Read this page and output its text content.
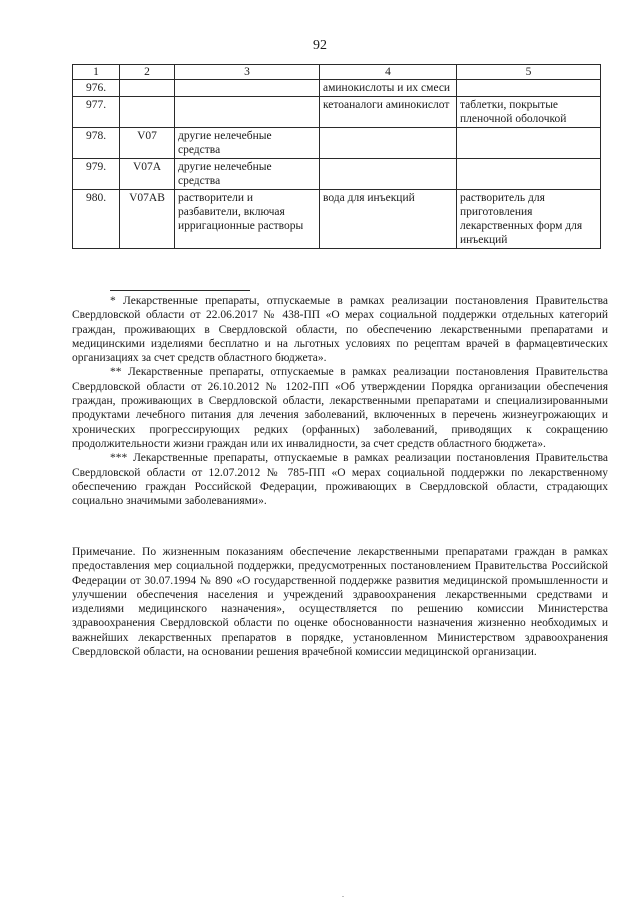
92
1	2	3	4	5
976.			аминокислоты и их смеси	
977.			кетоаналоги аминокислот	таблетки, покрытые пленочной оболочкой
978.	V07	другие нелечебные средства		
979.	V07A	другие нелечебные средства		
980.	V07AB	растворители и разбавители, включая ирригационные растворы	вода для инъекций	растворитель для приготовления лекарственных форм для инъекций

* Лекарственные препараты, отпускаемые в рамках реализации постановления Правительства Свердловской области от 22.06.2017 № 438-ПП «О мерах социальной поддержки отдельных категорий граждан, проживающих в Свердловской области, по обеспечению лекарственными препаратами и медицинскими изделиями бесплатно и на льготных условиях по рецептам врачей в фармацевтических организациях за счет средств областного бюджета».

** Лекарственные препараты, отпускаемые в рамках реализации постановления Правительства Свердловской области от 26.10.2012 № 1202-ПП «Об утверждении Порядка организации обеспечения граждан, проживающих в Свердловской области, лекарственными препаратами и специализированными продуктами лечебного питания для лечения заболеваний, включенных в перечень жизнеугрожающих и хронических прогрессирующих редких (орфанных) заболеваний, приводящих к сокращению продолжительности жизни граждан или их инвалидности, за счет средств областного бюджета».

*** Лекарственные препараты, отпускаемые в рамках реализации постановления Правительства Свердловской области от 12.07.2012 № 785-ПП «О мерах социальной поддержки по лекарственному обеспечению граждан Российской Федерации, проживающих в Свердловской области, страдающих социально значимыми заболеваниями».

Примечание. По жизненным показаниям обеспечение лекарственными препаратами граждан в рамках предоставления мер социальной поддержки, предусмотренных постановлением Правительства Российской Федерации от 30.07.1994 № 890 «О государственной поддержке развития медицинской промышленности и улучшении обеспечения населения и учреждений здравоохранения лекарственными средствами и изделиями медицинского назначения», осуществляется по решению комиссии Министерства здравоохранения Свердловской области по оценке обоснованности назначения жизненно необходимых и важнейших лекарственных препаратов в порядке, установленном Министерством здравоохранения Свердловской области, на основании решения врачебной комиссии медицинской организации.

.
